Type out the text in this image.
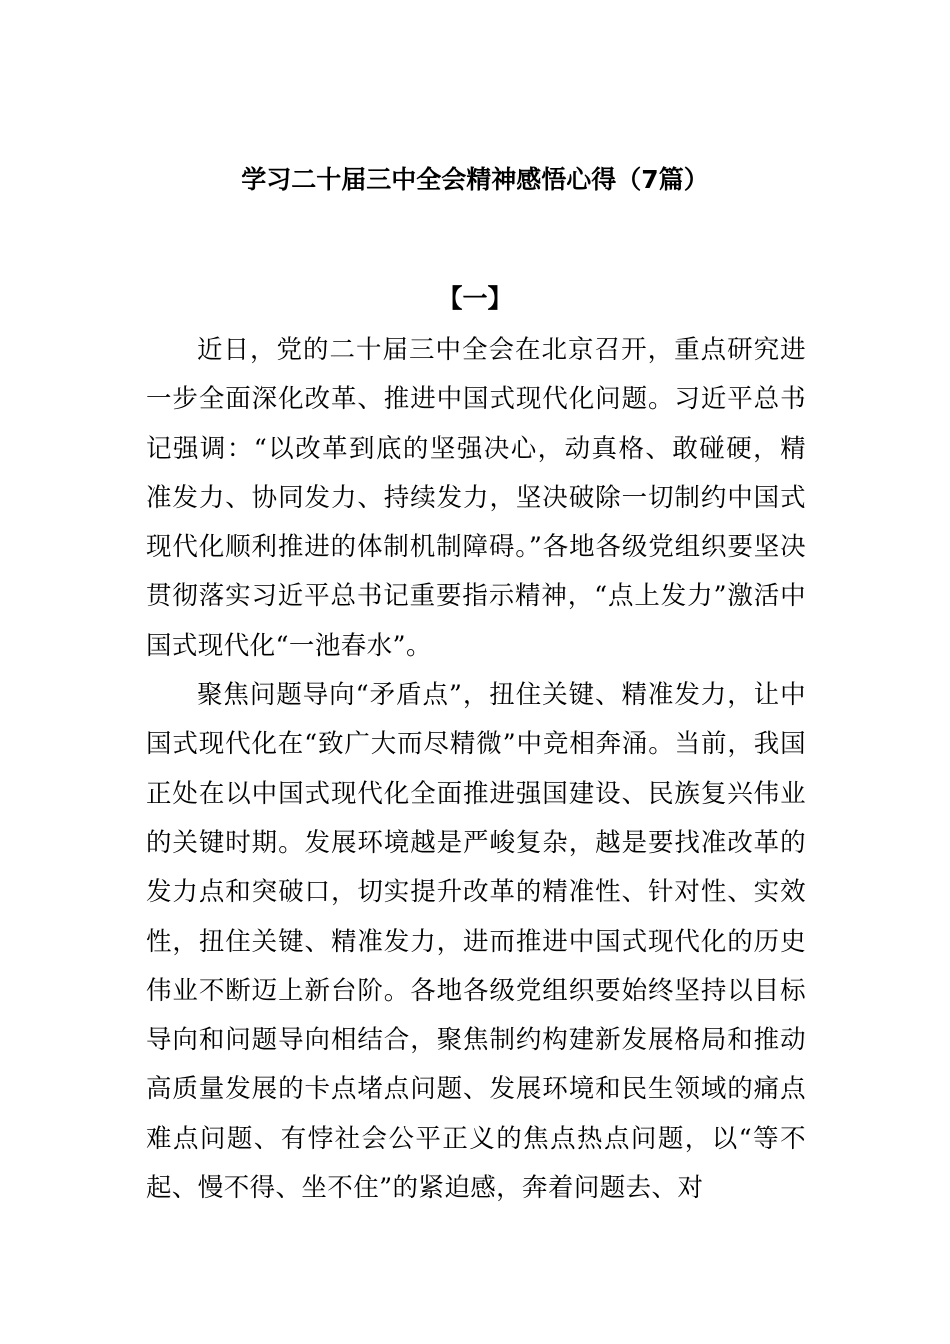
学习二十届三中全会精神感悟心得（7篇）
【一】

近日，党的二十届三中全会在北京召开，重点研究进一步全面深化改革、推进中国式现代化问题。习近平总书记强调：“以改革到底的坚强决心，动真格、敢碰硬，精准发力、协同发力、持续发力，坚决破除一切制约中国式现代化顺利推进的体制机制障碍。”各地各级党组织要坚决贯彻落实习近平总书记重要指示精神，“点上发力”激活中国式现代化“一池春水”。

聚焦问题导向“矛盾点”，扭住关键、精准发力，让中国式现代化在“致广大而尽精微”中竞相奔涌。当前，我国正处在以中国式现代化全面推进强国建设、民族复兴伟业的关键时期。发展环境越是严峻复杂，越是要找准改革的发力点和突破口，切实提升改革的精准性、针对性、实效性，扭住关键、精准发力，进而推进中国式现代化的历史伟业不断迈上新台阶。各地各级党组织要始终坚持以目标导向和问题导向相结合，聚焦制约构建新发展格局和推动高质量发展的卡点堵点问题、发展环境和民生领域的痛点难点问题、有悖社会公平正义的焦点热点问题，以“等不起、慢不得、坐不住”的紧迫感，奔着问题去、对
